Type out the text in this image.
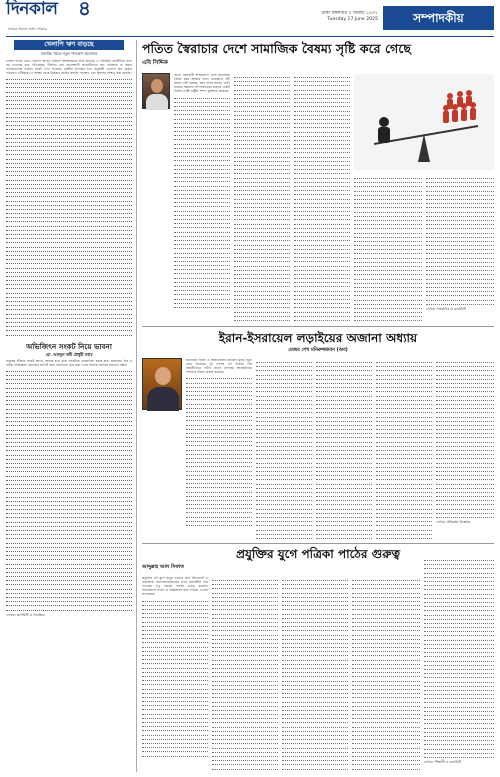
দিনকাল
সত্যের সন্ধানে সর্বদা সোচ্চার
৪	ঢাকা মঙ্গলবার ৩ আষাঢ় ১৪৩২
Tuesday 17 June 2025	সম্পাদকীয়
খেলাপি ঋণ বাড়ছে
ব্যাংকিং খাতে নতুন পদক্ষেপ প্রয়োজন

দেশের ব্যাংক খাতে খেলাপি ঋণের পরিমাণ আশঙ্কাজনক হারে বাড়ছে। এ পরিস্থিতি অর্থনীতির জন্য বড় চ্যালেঞ্জ হয়ে দাঁড়িয়েছে। দীর্ঘদিন ধরে প্রভাবশালী ঋণগ্রহীতারা ঋণ পরিশোধ না করায় ব্যাংকগুলোর তারল্য সংকট দেখা দিয়েছে। কেন্দ্রীয় ব্যাংকের তথ্য অনুযায়ী খেলাপি ঋণ রেকর্ড পরিমাণে পৌঁছেছে। এ অবস্থা থেকে উত্তরণে কঠোর আইনি পদক্ষেপ এবং সুশাসন নিশ্চিত করা জরুরি।

অভিজিৎন সংকট নিয়ে ভাবনা
মো. আবদুল বারী চৌধুরী নবাব

মানুষের জীবনে সংকট আসে, আবার চলে যায়। সংকটকে মোকাবিলা করার জন্য প্রয়োজন ধৈর্য ও সঠিক পরিকল্পনা। সমাজের প্রতিটি স্তরে সচেতনতা বৃদ্ধি করা গেলে অনেক সমস্যার সমাধান সম্ভব।

লেখক: কলামিস্ট ও প্রাবন্ধিক
পতিত স্বৈরাচার দেশে সামাজিক বৈষম্য সৃষ্টি করে গেছে
এবি সিদ্দিক

বিগত স্বৈরাচারী শাসনামলে দেশে সামাজিক বৈষম্য চরম আকার ধারণ করেছিল। ধনী আরও ধনী হয়েছে, আর গরিব আরও গরিব হয়েছে। ক্ষমতার অপব্যবহারের মাধ্যমে একটি বিশেষ গোষ্ঠী রাষ্ট্রীয় সম্পদ কুক্ষিগত করেছে।

লেখক: সাংবাদিক ও কলামিস্ট
ইরান-ইসরায়েল লড়াইয়ের অজানা অধ্যায়
মেজর শেখ মনিরুজ্জামান (অব)

মধ্যপ্রাচ্যে ইরান ও ইসরায়েলের মধ্যকার দ্বন্দ্ব নতুন মোড় নিয়েছে। দুই দেশের এই সংঘাত বিশ্ব রাজনীতিতে গভীর প্রভাব ফেলছে। আন্তর্জাতিক সম্প্রদায় উদ্বেগ প্রকাশ করেছে।

লেখক: প্রতিরক্ষা বিশ্লেষক
প্রযুক্তির যুগে পত্রিকা পাঠের গুরুত্ব
আব্দুল্লাহ আল সিফাত

প্রযুক্তির এই যুগে মানুষ তথ্যের জন্য ইন্টারনেট ও সামাজিক যোগাযোগমাধ্যমের ওপর নির্ভরশীল হয়ে পড়েছে। তবু পত্রিকা পাঠের গুরুত্ব কমেনি। নির্ভরযোগ্য সংবাদ ও বিশ্লেষণের জন্য পত্রিকা এখনো অপরিহার্য।

লেখক: শিক্ষার্থী ও কলামিস্ট
